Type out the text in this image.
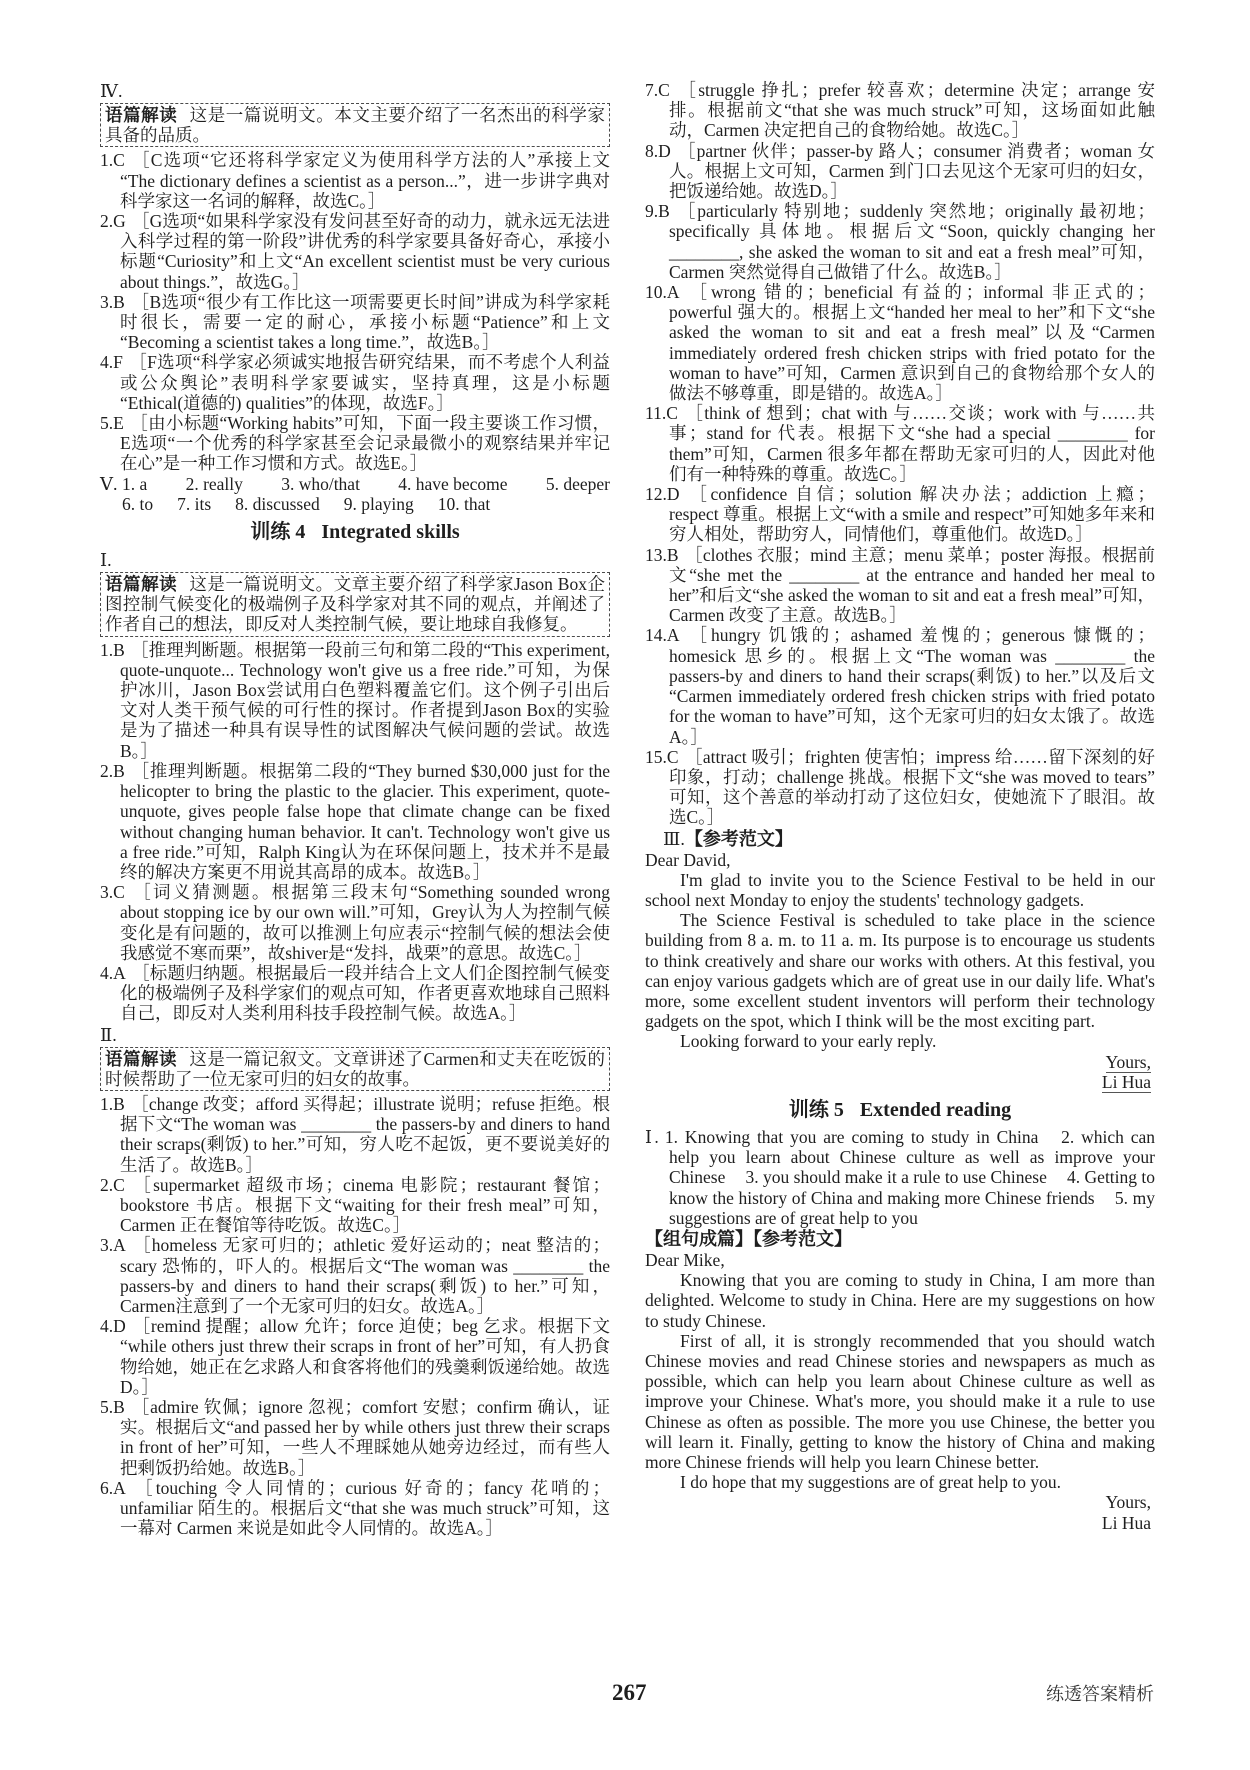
Ⅳ.
语篇解读 这是一篇说明文。本文主要介绍了一名杰出的科学家具备的品质。

1.C ［C选项“它还将科学家定义为使用科学方法的人”承接上文“The dictionary defines a scientist as a person...”，进一步讲字典对科学家这一名词的解释，故选C。］

2.G ［G选项“如果科学家没有发问甚至好奇的动力，就永远无法进入科学过程的第一阶段”讲优秀的科学家要具备好奇心，承接小标题“Curiosity”和上文“An excellent scientist must be very curious about things.”，故选G。］

3.B ［B选项“很少有工作比这一项需要更长时间”讲成为科学家耗时很长，需要一定的耐心，承接小标题“Patience”和上文“Becoming a scientist takes a long time.”，故选B。］

4.F ［F选项“科学家必须诚实地报告研究结果，而不考虑个人利益或公众舆论”表明科学家要诚实，坚持真理，这是小标题“Ethical(道德的) qualities”的体现，故选F。］

5.E ［由小标题“Working habits”可知，下面一段主要谈工作习惯，E选项“一个优秀的科学家甚至会记录最微小的观察结果并牢记在心”是一种工作习惯和方式。故选E。］

Ⅴ. 1. a 2. really 3. who/that 4. have become 5. deeper
6. to 7. its 8. discussed 9. playing 10. that
训练 4 Integrated skills
Ⅰ.
语篇解读 这是一篇说明文。文章主要介绍了科学家Jason Box企图控制气候变化的极端例子及科学家对其不同的观点，并阐述了作者自己的想法，即反对人类控制气候，要让地球自我修复。

1.B ［推理判断题。根据第一段前三句和第二段的“This experiment, quote-unquote... Technology won't give us a free ride.”可知，为保护冰川，Jason Box尝试用白色塑料覆盖它们。这个例子引出后文对人类干预气候的可行性的探讨。作者提到Jason Box的实验是为了描述一种具有误导性的试图解决气候问题的尝试。故选B。］

2.B ［推理判断题。根据第二段的“They burned $30,000 just for the helicopter to bring the plastic to the glacier. This experiment, quote-unquote, gives people false hope that climate change can be fixed without changing human behavior. It can't. Technology won't give us a free ride.”可知，Ralph King认为在环保问题上，技术并不是最终的解决方案更不用说其高昂的成本。故选B。］

3.C ［词义猜测题。根据第三段末句“Something sounded wrong about stopping ice by our own will.”可知，Grey认为人为控制气候变化是有问题的，故可以推测上句应表示“控制气候的想法会使我感觉不寒而栗”，故shiver是“发抖，战栗”的意思。故选C。］

4.A ［标题归纳题。根据最后一段并结合上文人们企图控制气候变化的极端例子及科学家们的观点可知，作者更喜欢地球自己照料自己，即反对人类利用科技手段控制气候。故选A。］

Ⅱ.
语篇解读 这是一篇记叙文。文章讲述了Carmen和丈夫在吃饭的时候帮助了一位无家可归的妇女的故事。

1.B ［change 改变；afford 买得起；illustrate 说明；refuse 拒绝。根据下文“The woman was ________ the passers-by and diners to hand their scraps(剩饭) to her.”可知，穷人吃不起饭，更不要说美好的生活了。故选B。］

2.C ［supermarket 超级市场；cinema 电影院；restaurant 餐馆；bookstore 书店。根据下文“waiting for their fresh meal”可知，Carmen 正在餐馆等待吃饭。故选C。］

3.A ［homeless 无家可归的；athletic 爱好运动的；neat 整洁的；scary 恐怖的，吓人的。根据后文“The woman was ________ the passers-by and diners to hand their scraps(剩饭) to her.”可知，Carmen注意到了一个无家可归的妇女。故选A。］

4.D ［remind 提醒；allow 允许；force 迫使；beg 乞求。根据下文“while others just threw their scraps in front of her”可知，有人扔食物给她，她正在乞求路人和食客将他们的残羹剩饭递给她。故选D。］

5.B ［admire 钦佩；ignore 忽视；comfort 安慰；confirm 确认，证实。根据后文“and passed her by while others just threw their scraps in front of her”可知，一些人不理睬她从她旁边经过，而有些人把剩饭扔给她。故选B。］

6.A ［touching 令人同情的；curious 好奇的；fancy 花哨的；unfamiliar 陌生的。根据后文“that she was much struck”可知，这一幕对 Carmen 来说是如此令人同情的。故选A。］

7.C ［struggle 挣扎；prefer 较喜欢；determine 决定；arrange 安排。根据前文“that she was much struck”可知，这场面如此触动，Carmen 决定把自己的食物给她。故选C。］

8.D ［partner 伙伴；passer-by 路人；consumer 消费者；woman 女人。根据上文可知，Carmen 到门口去见这个无家可归的妇女，把饭递给她。故选D。］

9.B ［particularly 特别地；suddenly 突然地；originally 最初地；specifically 具体地。根据后文“Soon, quickly changing her ________, she asked the woman to sit and eat a fresh meal”可知，Carmen 突然觉得自己做错了什么。故选B。］

10.A ［wrong 错的；beneficial 有益的；informal 非正式的；powerful 强大的。根据上文“handed her meal to her”和下文“she asked the woman to sit and eat a fresh meal”以及“Carmen immediately ordered fresh chicken strips with fried potato for the woman to have”可知，Carmen 意识到自己的食物给那个女人的做法不够尊重，即是错的。故选A。］

11.C ［think of 想到；chat with 与……交谈；work with 与……共事；stand for 代表。根据下文“she had a special ________ for them”可知，Carmen 很多年都在帮助无家可归的人，因此对他们有一种特殊的尊重。故选C。］

12.D ［confidence 自信；solution 解决办法；addiction 上瘾；respect 尊重。根据上文“with a smile and respect”可知她多年来和穷人相处，帮助穷人，同情他们，尊重他们。故选D。］

13.B ［clothes 衣服；mind 主意；menu 菜单；poster 海报。根据前文“she met the ________ at the entrance and handed her meal to her”和后文“she asked the woman to sit and eat a fresh meal”可知，Carmen 改变了主意。故选B。］

14.A ［hungry 饥饿的；ashamed 羞愧的；generous 慷慨的；homesick 思乡的。根据上文“The woman was ________ the passers-by and diners to hand their scraps(剩饭) to her.”以及后文“Carmen immediately ordered fresh chicken strips with fried potato for the woman to have”可知，这个无家可归的妇女太饿了。故选A。］

15.C ［attract 吸引；frighten 使害怕；impress 给……留下深刻的好印象，打动；challenge 挑战。根据下文“she was moved to tears”可知，这个善意的举动打动了这位妇女，使她流下了眼泪。故选C。］

Ⅲ.【参考范文】

Dear David,

I'm glad to invite you to the Science Festival to be held in our school next Monday to enjoy the students' technology gadgets.

The Science Festival is scheduled to take place in the science building from 8 a. m. to 11 a. m. Its purpose is to encourage us students to think creatively and share our works with others. At this festival, you can enjoy various gadgets which are of great use in our daily life. What's more, some excellent student inventors will perform their technology gadgets on the spot, which I think will be the most exciting part.

Looking forward to your early reply.

Yours,

Li Hua

训练 5 Extended reading

Ⅰ. 1. Knowing that you are coming to study in China 2. which can help you learn about Chinese culture as well as improve your Chinese 3. you should make it a rule to use Chinese 4. Getting to know the history of China and making more Chinese friends 5. my suggestions are of great help to you

【组句成篇】【参考范文】

Dear Mike,

Knowing that you are coming to study in China, I am more than delighted. Welcome to study in China. Here are my suggestions on how to study Chinese.

First of all, it is strongly recommended that you should watch Chinese movies and read Chinese stories and newspapers as much as possible, which can help you learn about Chinese culture as well as improve your Chinese. What's more, you should make it a rule to use Chinese as often as possible. The more you use Chinese, the better you will learn it. Finally, getting to know the history of China and making more Chinese friends will help you learn Chinese better.

I do hope that my suggestions are of great help to you.

Yours,

Li Hua

267	练透答案精析
